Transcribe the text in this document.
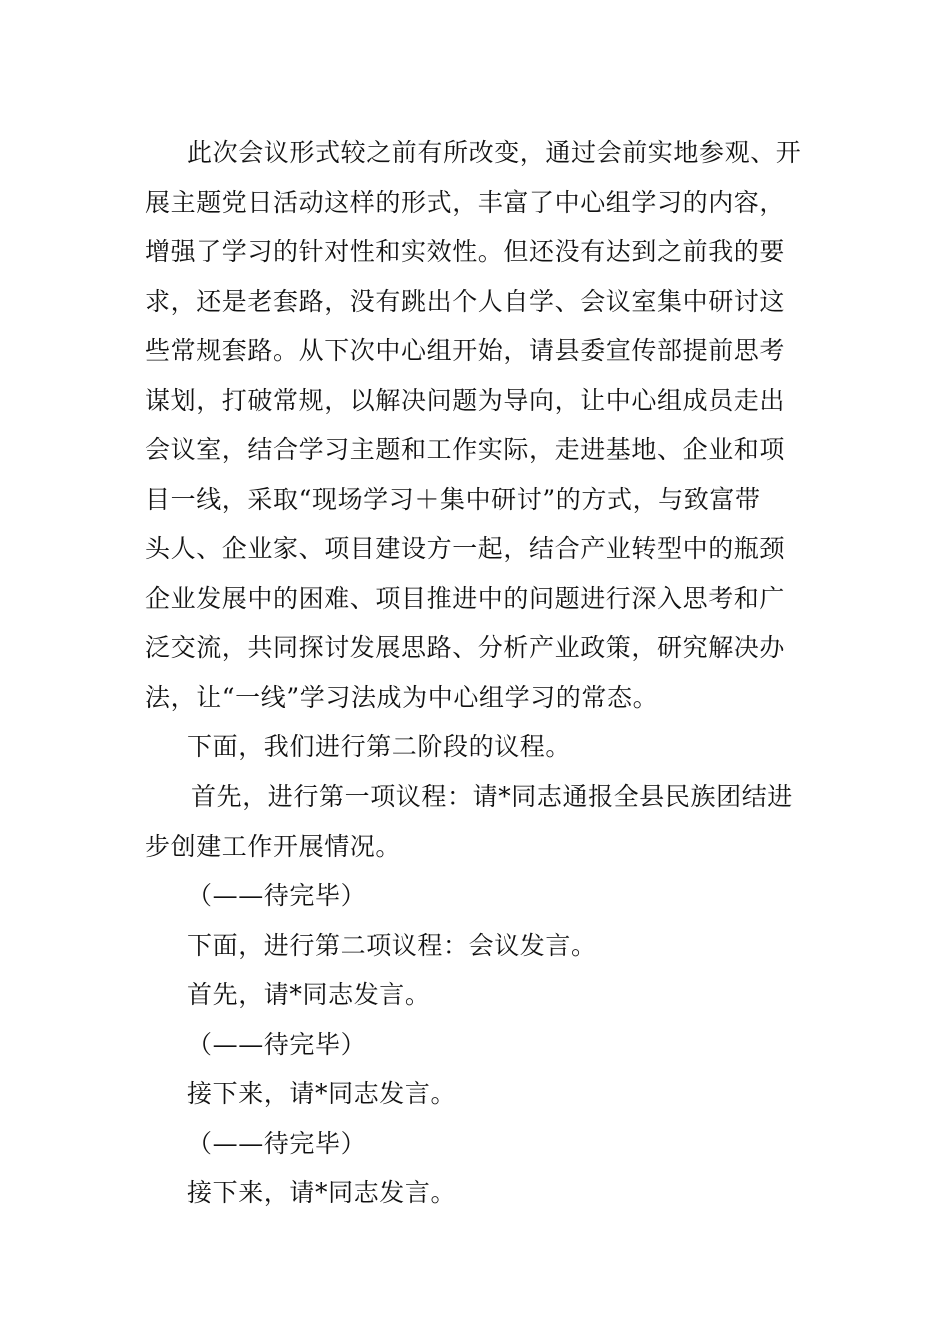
此次会议形式较之前有所改变，通过会前实地参观、开
展主题党日活动这样的形式，丰富了中心组学习的内容，
增强了学习的针对性和实效性。但还没有达到之前我的要
求，还是老套路，没有跳出个人自学、会议室集中研讨这
些常规套路。从下次中心组开始，请县委宣传部提前思考
谋划，打破常规，以解决问题为导向，让中心组成员走出
会议室，结合学习主题和工作实际，走进基地、企业和项
目一线，采取“现场学习＋集中研讨”的方式，与致富带
头人、企业家、项目建设方一起，结合产业转型中的瓶颈
企业发展中的困难、项目推进中的问题进行深入思考和广
泛交流，共同探讨发展思路、分析产业政策，研究解决办
法，让“一线”学习法成为中心组学习的常态。
下面，我们进行第二阶段的议程。
首先，进行第一项议程：请*同志通报全县民族团结进
步创建工作开展情况。
（——待完毕）
下面，进行第二项议程：会议发言。
首先，请*同志发言。
（——待完毕）
接下来，请*同志发言。
（——待完毕）
接下来，请*同志发言。
